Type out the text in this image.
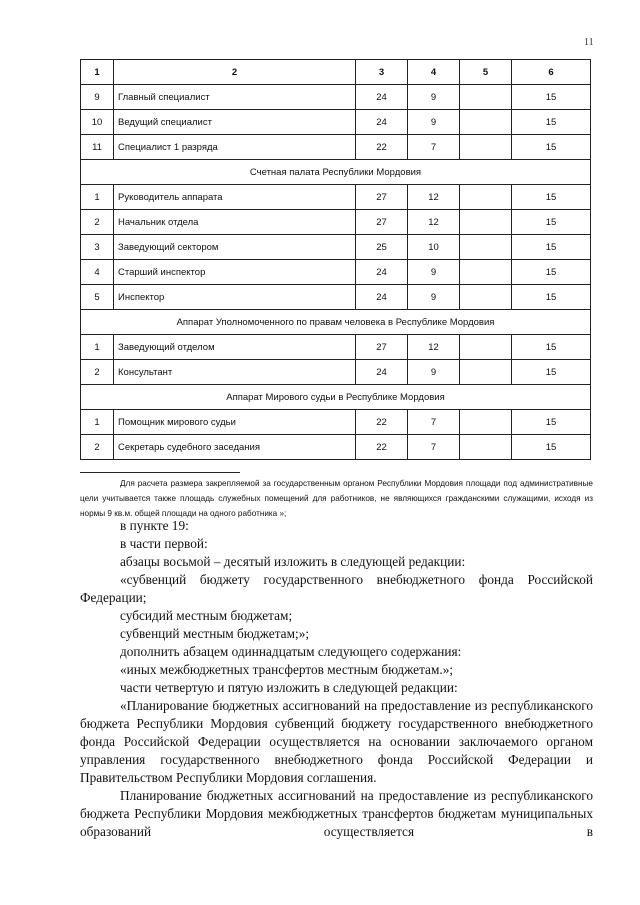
11
1	2	3	4	5	6
9	Главный специалист	24	9		15
10	Ведущий специалист	24	9		15
11	Специалист 1 разряда	22	7		15
Счетная палата Республики Мордовия					
1	Руководитель аппарата	27	12		15
2	Начальник отдела	27	12		15
3	Заведующий сектором	25	10		15
4	Старший инспектор	24	9		15
5	Инспектор	24	9		15
Аппарат Уполномоченного по правам человека в Республике Мордовия					
1	Заведующий отделом	27	12		15
2	Консультант	24	9		15
Аппарат Мирового судьи в Республике Мордовия					
1	Помощник мирового судьи	22	7		15
2	Секретарь судебного заседания	22	7		15
Для расчета размера закрепляемой за государственным органом Республики Мордовия площади под административные цели учитывается также площадь служебных помещений для работников, не являющихся гражданскими служащими, исходя из нормы 9 кв.м. общей площади на одного работника »;

в пункте 19:

в части первой:

абзацы восьмой – десятый изложить в следующей редакции:

«субвенций бюджету государственного внебюджетного фонда Российской Федерации;

субсидий местным бюджетам;

субвенций местным бюджетам;»;

дополнить абзацем одиннадцатым следующего содержания:

«иных межбюджетных трансфертов местным бюджетам.»;

части четвертую и пятую изложить в следующей редакции:

«Планирование бюджетных ассигнований на предоставление из республиканского бюджета Республики Мордовия субвенций бюджету государственного внебюджетного фонда Российской Федерации осуществляется на основании заключаемого органом управления государственного внебюджетного фонда Российской Федерации и Правительством Республики Мордовия соглашения.

Планирование бюджетных ассигнований на предоставление из республиканского бюджета Республики Мордовия межбюджетных трансфертов бюджетам муниципальных образований осуществляется в
